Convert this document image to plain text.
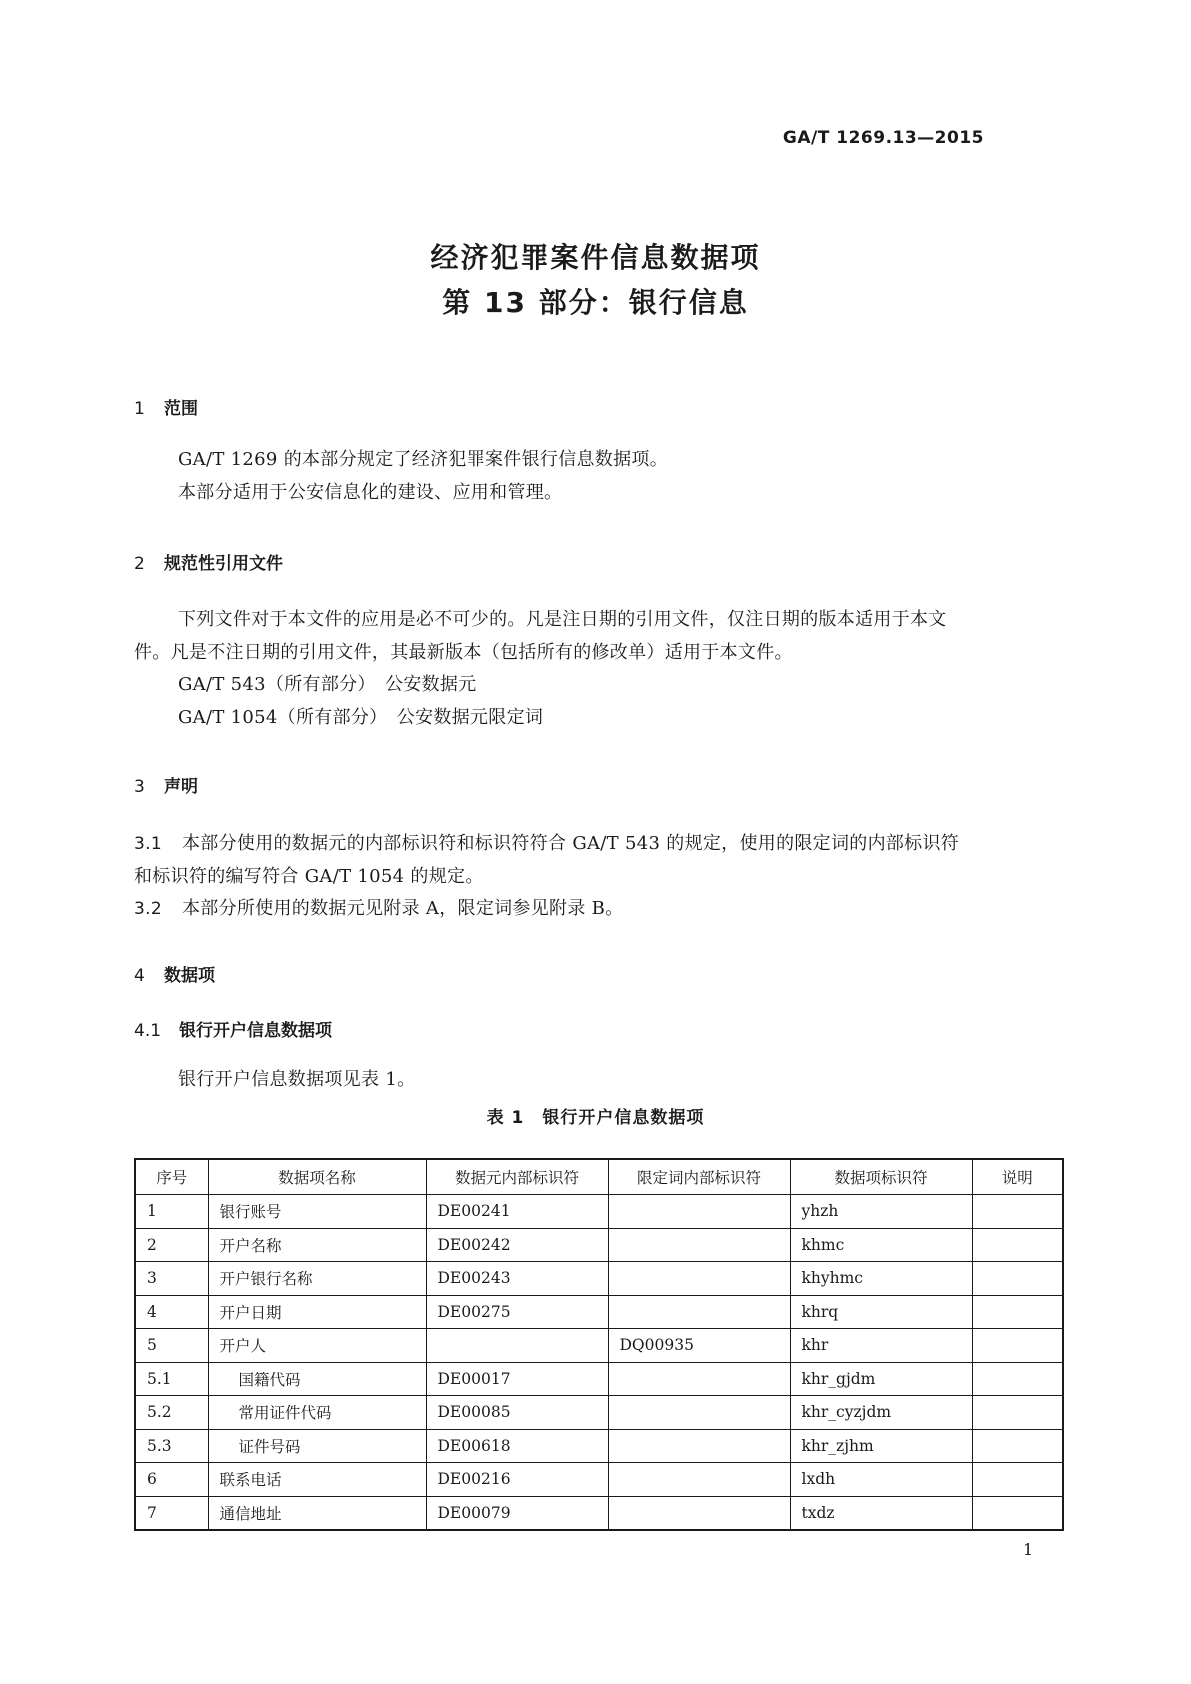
GA/T 1269.13—2015
经济犯罪案件信息数据项
第 13 部分：银行信息
1 范围
GA/T 1269 的本部分规定了经济犯罪案件银行信息数据项。
本部分适用于公安信息化的建设、应用和管理。
2 规范性引用文件
下列文件对于本文件的应用是必不可少的。凡是注日期的引用文件，仅注日期的版本适用于本文
件。凡是不注日期的引用文件，其最新版本（包括所有的修改单）适用于本文件。
GA/T 543（所有部分）　公安数据元
GA/T 1054（所有部分）　公安数据元限定词
3 声明
3.1 本部分使用的数据元的内部标识符和标识符符合 GA/T 543 的规定，使用的限定词的内部标识符
和标识符的编写符合 GA/T 1054 的规定。
3.2 本部分所使用的数据元见附录 A，限定词参见附录 B。
4 数据项
4.1 银行开户信息数据项
银行开户信息数据项见表 1。
表 1　银行开户信息数据项
序号	数据项名称	数据元内部标识符	限定词内部标识符	数据项标识符	说明
1	银行账号	DE00241		yhzh	
2	开户名称	DE00242		khmc	
3	开户银行名称	DE00243		khyhmc	
4	开户日期	DE00275		khrq	
5	开户人		DQ00935	khr	
5.1	国籍代码	DE00017		khr_gjdm	
5.2	常用证件代码	DE00085		khr_cyzjdm	
5.3	证件号码	DE00618		khr_zjhm	
6	联系电话	DE00216		lxdh	
7	通信地址	DE00079		txdz	
1
